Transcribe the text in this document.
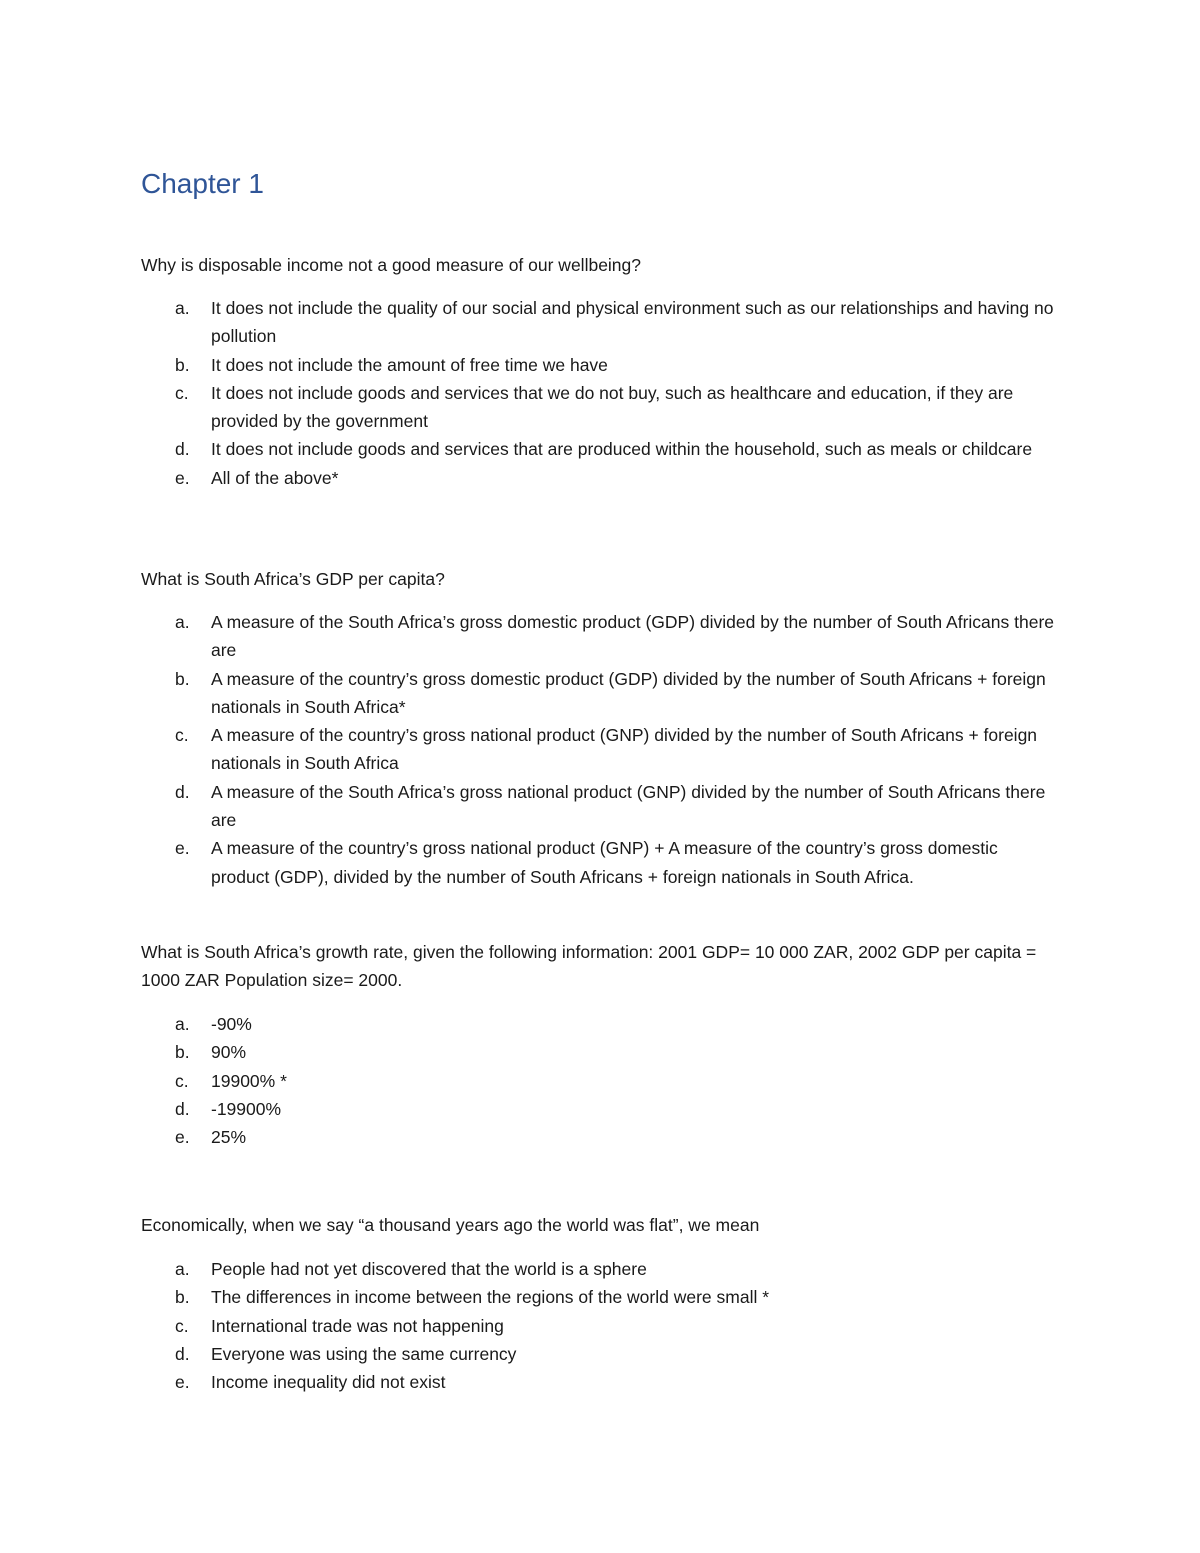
Chapter 1

Why is disposable income not a good measure of our wellbeing?

a. It does not include the quality of our social and physical environment such as our relationships and having no pollution
b. It does not include the amount of free time we have
c. It does not include goods and services that we do not buy, such as healthcare and education, if they are provided by the government
d. It does not include goods and services that are produced within the household, such as meals or childcare
e. All of the above*

What is South Africa’s GDP per capita?

a. A measure of the South Africa’s gross domestic product (GDP) divided by the number of South Africans there are
b. A measure of the country’s gross domestic product (GDP) divided by the number of South Africans + foreign nationals in South Africa*
c. A measure of the country’s gross national product (GNP) divided by the number of South Africans + foreign nationals in South Africa
d. A measure of the South Africa’s gross national product (GNP) divided by the number of South Africans there are
e. A measure of the country’s gross national product (GNP) + A measure of the country’s gross domestic product (GDP), divided by the number of South Africans + foreign nationals in South Africa.

What is South Africa’s growth rate, given the following information: 2001 GDP= 10 000 ZAR, 2002 GDP per capita = 1000 ZAR Population size= 2000.

a. -90%
b. 90%
c. 19900% *
d. -19900%
e. 25%

Economically, when we say “a thousand years ago the world was flat”, we mean

a. People had not yet discovered that the world is a sphere
b. The differences in income between the regions of the world were small *
c. International trade was not happening
d. Everyone was using the same currency
e. Income inequality did not exist
